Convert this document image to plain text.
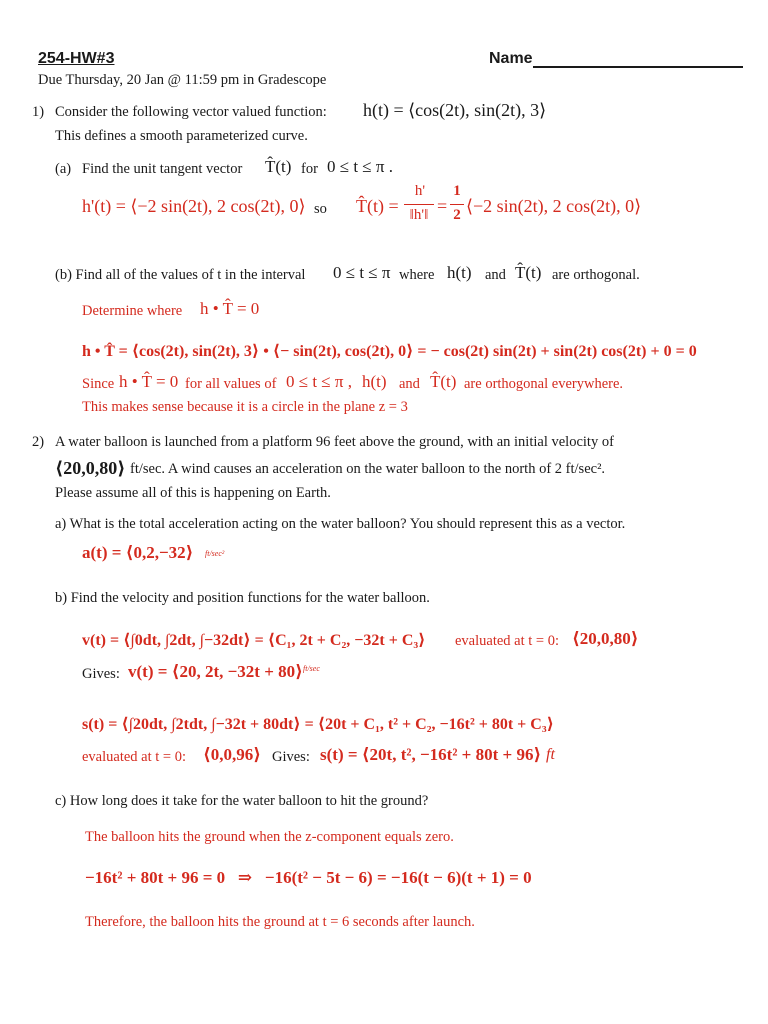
254-HW#3	Name
Due Thursday, 20 Jan @ 11:59 pm in Gradescope
1) Consider the following vector valued function: h(t) = ⟨cos(2t), sin(2t), 3⟩
This defines a smooth parameterized curve.
(a) Find the unit tangent vector T̂(t) for 0 ≤ t ≤ π .
h'(t) = ⟨−2 sin(2t), 2 cos(2t), 0⟩ so T̂(t) =
h'
‖h'‖ =
1
2 ⟨−2 sin(2t), 2 cos(2t), 0⟩
(b) Find all of the values of t in the interval 0 ≤ t ≤ π where h(t) and T̂(t) are orthogonal.
Determine where h • T̂ = 0
h • T̂ = ⟨cos(2t), sin(2t), 3⟩ • ⟨− sin(2t), cos(2t), 0⟩ = − cos(2t) sin(2t) + sin(2t) cos(2t) + 0 = 0
Since h • T̂ = 0 for all values of 0 ≤ t ≤ π , h(t) and T̂(t) are orthogonal everywhere.
This makes sense because it is a circle in the plane z = 3
2) A water balloon is launched from a platform 96 feet above the ground, with an initial velocity of
⟨20,0,80⟩ ft/sec. A wind causes an acceleration on the water balloon to the north of 2 ft/sec².
Please assume all of this is happening on Earth.
a) What is the total acceleration acting on the water balloon? You should represent this as a vector.
a(t) = ⟨0,2,−32⟩ ft/sec²
b) Find the velocity and position functions for the water balloon.
v(t) = ⟨∫0dt, ∫2dt, ∫−32dt⟩ = ⟨C₁, 2t + C₂, −32t + C₃⟩ evaluated at t = 0: ⟨20,0,80⟩
Gives: v(t) = ⟨20, 2t, −32t + 80⟩ ft/sec
s(t) = ⟨∫20dt, ∫2tdt, ∫−32t + 80dt⟩ = ⟨20t + C₁, t² + C₂, −16t² + 80t + C₃⟩
evaluated at t = 0: ⟨0,0,96⟩ Gives: s(t) = ⟨20t, t², −16t² + 80t + 96⟩ ft
c) How long does it take for the water balloon to hit the ground?
The balloon hits the ground when the z-component equals zero.
−16t² + 80t + 96 = 0   ⇒   −16(t² − 5t − 6) = −16(t − 6)(t + 1) = 0
Therefore, the balloon hits the ground at t = 6 seconds after launch.
